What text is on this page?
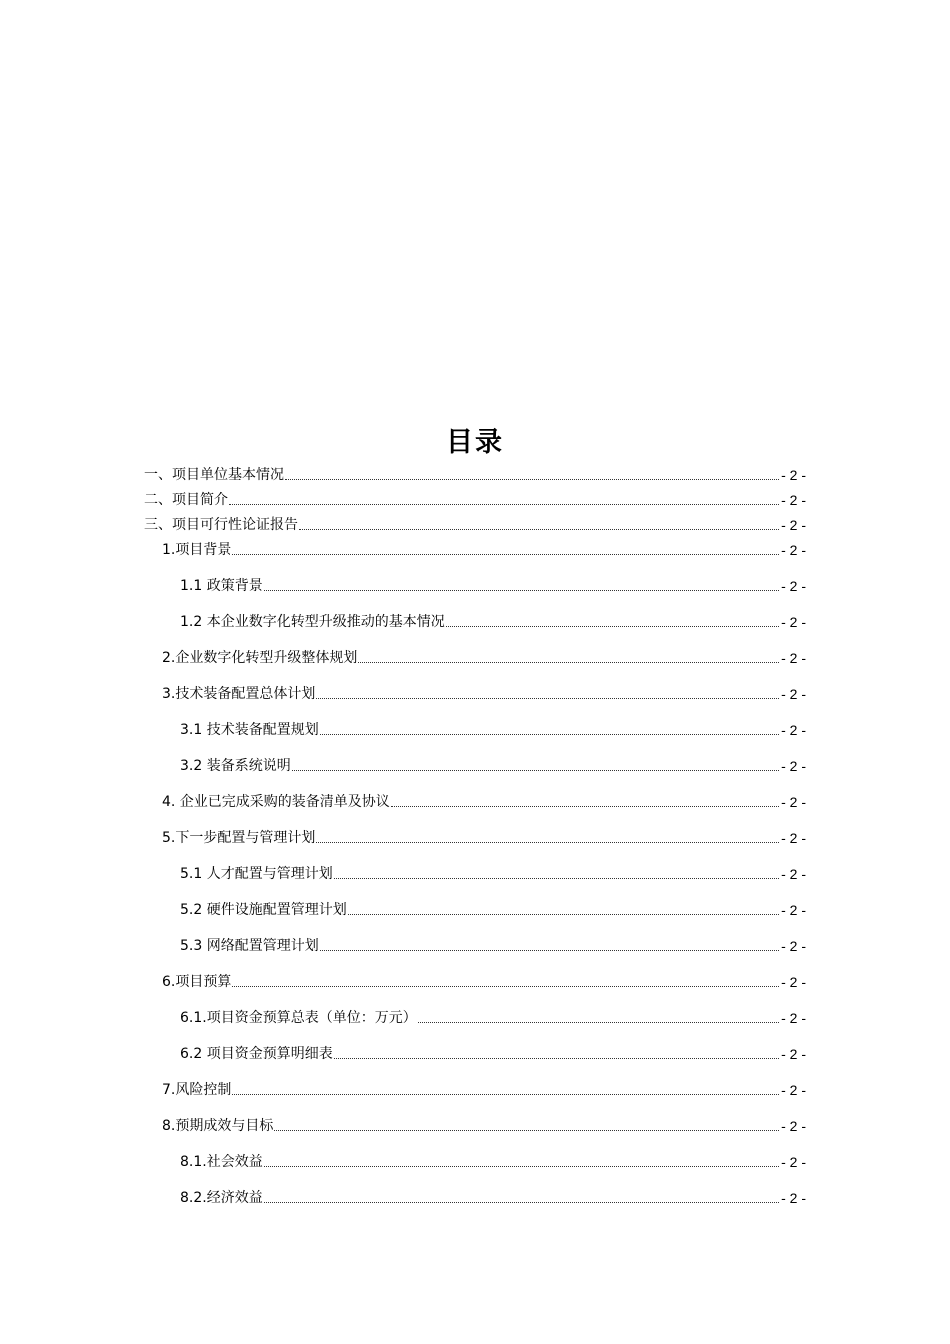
目录
一、项目单位基本情况	- 2 -
二、项目简介	- 2 -
三、项目可行性论证报告	- 2 -
1.项目背景	- 2 -
1.1 政策背景	- 2 -
1.2 本企业数字化转型升级推动的基本情况	- 2 -
2.企业数字化转型升级整体规划	- 2 -
3.技术装备配置总体计划	- 2 -
3.1 技术装备配置规划	- 2 -
3.2 装备系统说明	- 2 -
4. 企业已完成采购的装备清单及协议	- 2 -
5.下一步配置与管理计划	- 2 -
5.1 人才配置与管理计划	- 2 -
5.2 硬件设施配置管理计划	- 2 -
5.3 网络配置管理计划	- 2 -
6.项目预算	- 2 -
6.1.项目资金预算总表（单位：万元）	- 2 -
6.2 项目资金预算明细表	- 2 -
7.风险控制	- 2 -
8.预期成效与目标	- 2 -
8.1.社会效益	- 2 -
8.2.经济效益	- 2 -
